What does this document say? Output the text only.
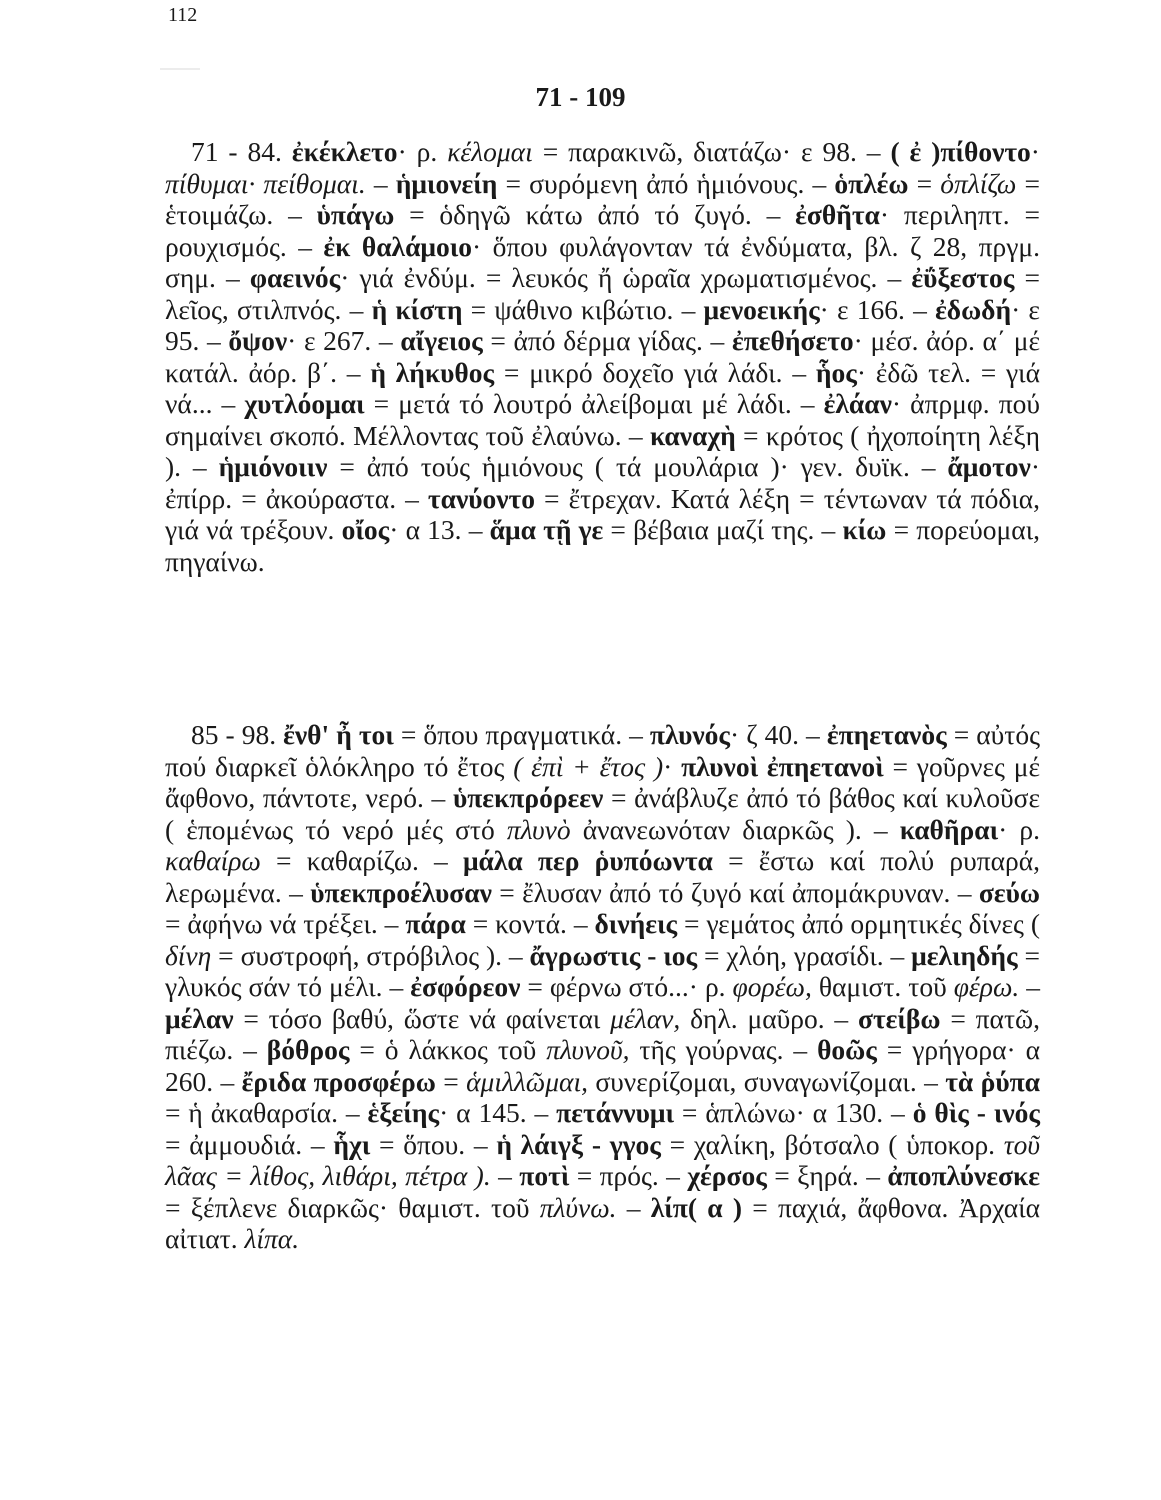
112
71 - 109

71 - 84. ἐκέκλετο· ρ. κέλομαι = παρακινῶ, διατάζω· ε 98. – ( ἐ )πίθοντο· πίθυμαι· πείθομαι. – ἡμιονείη = συρόμενη ἀπό ἡμιόνους. – ὁπλέω = ὁπλίζω = ἑτοιμάζω. – ὑπάγω = ὁδηγῶ κάτω ἀπό τό ζυγό. – ἐσθῆτα· περιληπτ. = ρουχισμός. – ἐκ θαλάμοιο· ὅπου φυλάγονταν τά ἐνδύματα, βλ. ζ 28, πργμ. σημ. – φαεινός· γιά ἐνδύμ. = λευκός ἤ ὡραῖα χρωματισμένος. – ἐΰξεστος = λεῖος, στιλπνός. – ἡ κίστη = ψάθινο κιβώτιο. – μενοεικής· ε 166. – ἐδωδή· ε 95. – ὄψον· ε 267. – αἴγειος = ἀπό δέρμα γίδας. – ἐπεθήσετο· μέσ. ἀόρ. α΄ μέ κατάλ. ἀόρ. β΄. – ἡ λήκυθος = μικρό δοχεῖο γιά λάδι. – ἧος· ἐδῶ τελ. = γιά νά... – χυτλόομαι = μετά τό λουτρό ἀλείβομαι μέ λάδι. – ἐλάαν· ἀπρμφ. πού σημαίνει σκοπό. Μέλλοντας τοῦ ἐλαύνω. – καναχὴ = κρότος ( ἠχοποίητη λέξη ). – ἡμιόνοιιν = ἀπό τούς ἡμιόνους ( τά μουλάρια )· γεν. δυϊκ. – ἄμοτον· ἐπίρρ. = ἀκούραστα. – τανύοντο = ἔτρεχαν. Κατά λέξη = τέντωναν τά πόδια, γιά νά τρέξουν. οἴος· α 13. – ἅμα τῇ γε = βέβαια μαζί της. – κίω = πορεύομαι, πηγαίνω.

85 - 98. ἔνθ' ἦ τοι = ὅπου πραγματικά. – πλυνός· ζ 40. – ἐπηετανὸς = αὐτός πού διαρκεῖ ὁλόκληρο τό ἔτος ( ἐπὶ + ἔτος )· πλυνοὶ ἐπηετανοὶ = γοῦρνες μέ ἄφθονο, πάντοτε, νερό. – ὑπεκπρόρεεν = ἀνάβλυζε ἀπό τό βάθος καί κυλοῦσε ( ἑπομένως τό νερό μές στό πλυνὸ ἀνανεωνόταν διαρκῶς ). – καθῆραι· ρ. καθαίρω = καθαρίζω. – μάλα περ ῥυπόωντα = ἔστω καί πολύ ρυπαρά, λερωμένα. – ὑπεκπροέλυσαν = ἔλυσαν ἀπό τό ζυγό καί ἀπομάκρυναν. – σεύω = ἀφήνω νά τρέξει. – πάρα = κοντά. – δινήεις = γεμάτος ἀπό ορμητικές δίνες ( δίνη = συστροφή, στρόβιλος ). – ἄγρωστις - ιος = χλόη, γρασίδι. – μελιηδής = γλυκός σάν τό μέλι. – ἐσφόρεον = φέρνω στό...· ρ. φορέω, θαμιστ. τοῦ φέρω. – μέλαν = τόσο βαθύ, ὥστε νά φαίνεται μέλαν, δηλ. μαῦρο. – στείβω = πατῶ, πιέζω. – βόθρος = ὁ λάκκος τοῦ πλυνοῦ, τῆς γούρνας. – θοῶς = γρήγορα· α 260. – ἔριδα προσφέρω = ἁμιλλῶμαι, συνερίζομαι, συναγωνίζομαι. – τὰ ῥύπα = ἡ ἀκαθαρσία. – ἑξείης· α 145. – πετάννυμι = ἁπλώνω· α 130. – ὁ θὶς - ινός = ἀμμουδιά. – ἧχι = ὅπου. – ἡ λάιγξ - γγος = χαλίκη, βότσαλο ( ὑποκορ. τοῦ λᾶας = λίθος, λιθάρι, πέτρα ). – ποτὶ = πρός. – χέρσος = ξηρά. – ἀποπλύνεσκε = ξέπλενε διαρκῶς· θαμιστ. τοῦ πλύνω. – λίπ( α ) = παχιά, ἄφθονα. Ἀρχαία αἰτιατ. λίπα.
